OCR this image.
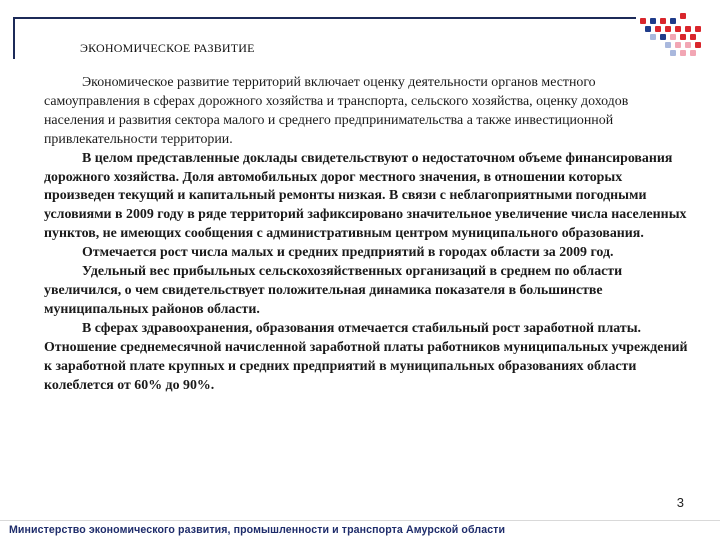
ЭКОНОМИЧЕСКОЕ РАЗВИТИЕ

Экономическое развитие территорий включает оценку деятельности органов местного самоуправления в сферах дорожного хозяйства и транспорта, сельского хозяйства, оценку доходов населения и развития сектора малого и среднего предпринимательства а также инвестиционной привлекательности территории.

В целом представленные доклады свидетельствуют о недостаточном объеме финансирования дорожного хозяйства. Доля автомобильных дорог местного значения, в отношении которых произведен текущий и капитальный ремонты низкая. В связи с неблагоприятными погодными условиями в 2009 году в ряде территорий зафиксировано значительное увеличение числа населенных пунктов, не имеющих сообщения с административным центром муниципального образования.

Отмечается рост числа малых и средних предприятий в городах области за 2009 год.

Удельный вес прибыльных сельскохозяйственных организаций в среднем по области увеличился, о чем свидетельствует положительная динамика показателя в большинстве муниципальных районов области.

В сферах здравоохранения, образования отмечается стабильный рост заработной платы. Отношение среднемесячной начисленной заработной платы работников муниципальных учреждений к заработной плате крупных и средних предприятий в муниципальных образованиях области колеблется от 60% до 90%.

3
Министерство экономического развития, промышленности и транспорта Амурской области
